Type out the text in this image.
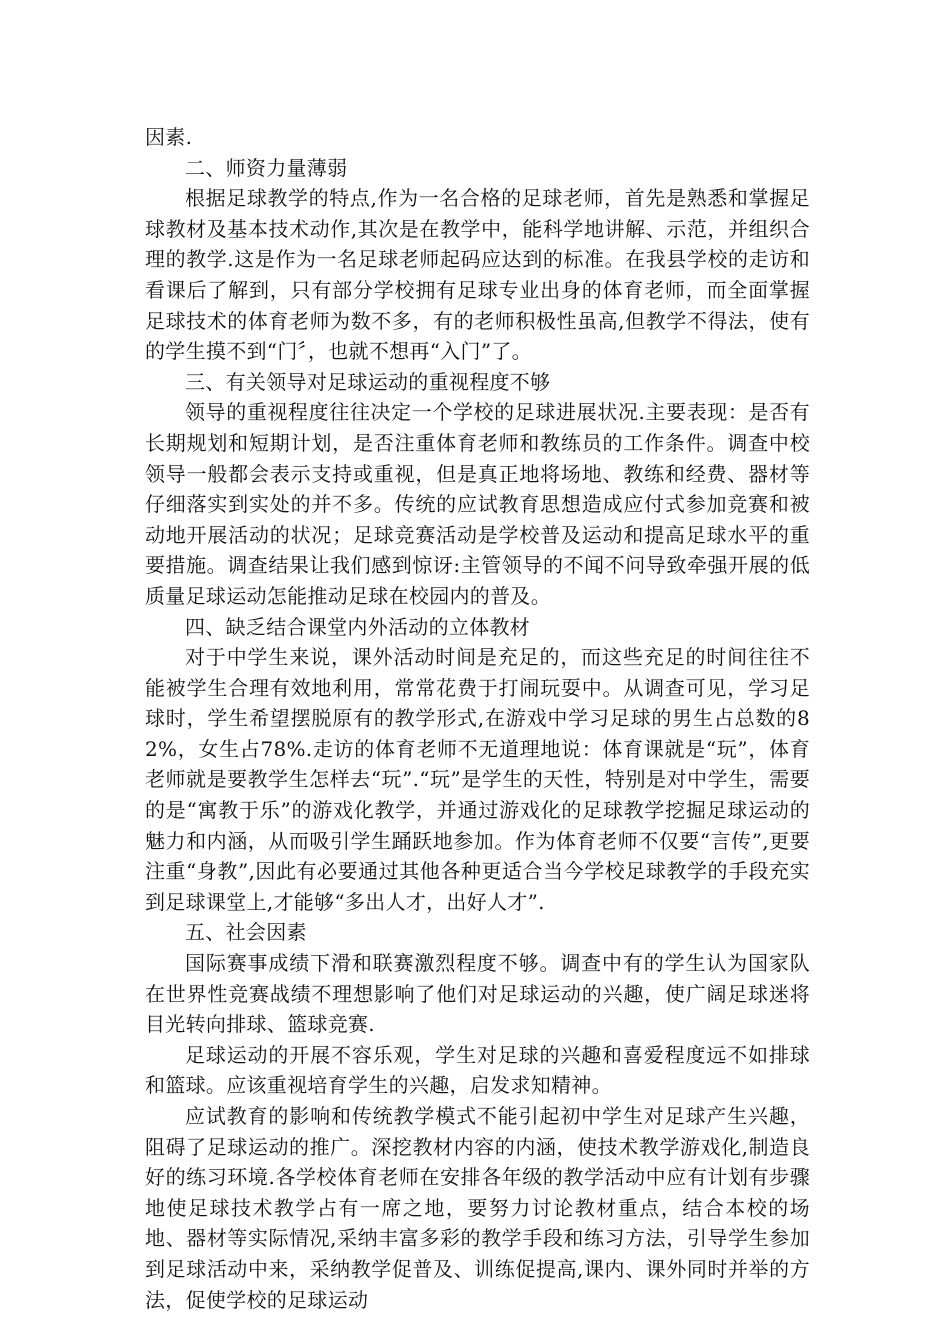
因素.

二、师资力量薄弱

根据足球教学的特点,作为一名合格的足球老师，首先是熟悉和掌握足球教材及基本技术动作,其次是在教学中，能科学地讲解、示范，并组织合理的教学.这是作为一名足球老师起码应达到的标准。在我县学校的走访和看课后了解到，只有部分学校拥有足球专业出身的体育老师，而全面掌握足球技术的体育老师为数不多，有的老师积极性虽高,但教学不得法，使有的学生摸不到“门〞，也就不想再“入门”了。

三、有关领导对足球运动的重视程度不够

领导的重视程度往往决定一个学校的足球进展状况.主要表现：是否有长期规划和短期计划，是否注重体育老师和教练员的工作条件。调查中校领导一般都会表示支持或重视，但是真正地将场地、教练和经费、器材等仔细落实到实处的并不多。传统的应试教育思想造成应付式参加竞赛和被动地开展活动的状况；足球竞赛活动是学校普及运动和提高足球水平的重要措施。调查结果让我们感到惊讶:主管领导的不闻不问导致牵强开展的低质量足球运动怎能推动足球在校园内的普及。

四、缺乏结合课堂内外活动的立体教材

对于中学生来说，课外活动时间是充足的，而这些充足的时间往往不能被学生合理有效地利用，常常花费于打闹玩耍中。从调查可见，学习足球时，学生希望摆脱原有的教学形式,在游戏中学习足球的男生占总数的82%，女生占78%.走访的体育老师不无道理地说：体育课就是“玩”，体育老师就是要教学生怎样去“玩”.“玩”是学生的天性，特别是对中学生，需要的是“寓教于乐”的游戏化教学，并通过游戏化的足球教学挖掘足球运动的魅力和内涵，从而吸引学生踊跃地参加。作为体育老师不仅要“言传”,更要注重“身教”,因此有必要通过其他各种更适合当今学校足球教学的手段充实到足球课堂上,才能够“多出人才，出好人才”.

五、社会因素

国际赛事成绩下滑和联赛激烈程度不够。调查中有的学生认为国家队在世界性竞赛战绩不理想影响了他们对足球运动的兴趣，使广阔足球迷将目光转向排球、篮球竞赛.

足球运动的开展不容乐观，学生对足球的兴趣和喜爱程度远不如排球和篮球。应该重视培育学生的兴趣，启发求知精神。

应试教育的影响和传统教学模式不能引起初中学生对足球产生兴趣，阻碍了足球运动的推广。深挖教材内容的内涵，使技术教学游戏化,制造良好的练习环境.各学校体育老师在安排各年级的教学活动中应有计划有步骤地使足球技术教学占有一席之地，要努力讨论教材重点，结合本校的场地、器材等实际情况,采纳丰富多彩的教学手段和练习方法，引导学生参加到足球活动中来，采纳教学促普及、训练促提高,课内、课外同时并举的方法，促使学校的足球运动
